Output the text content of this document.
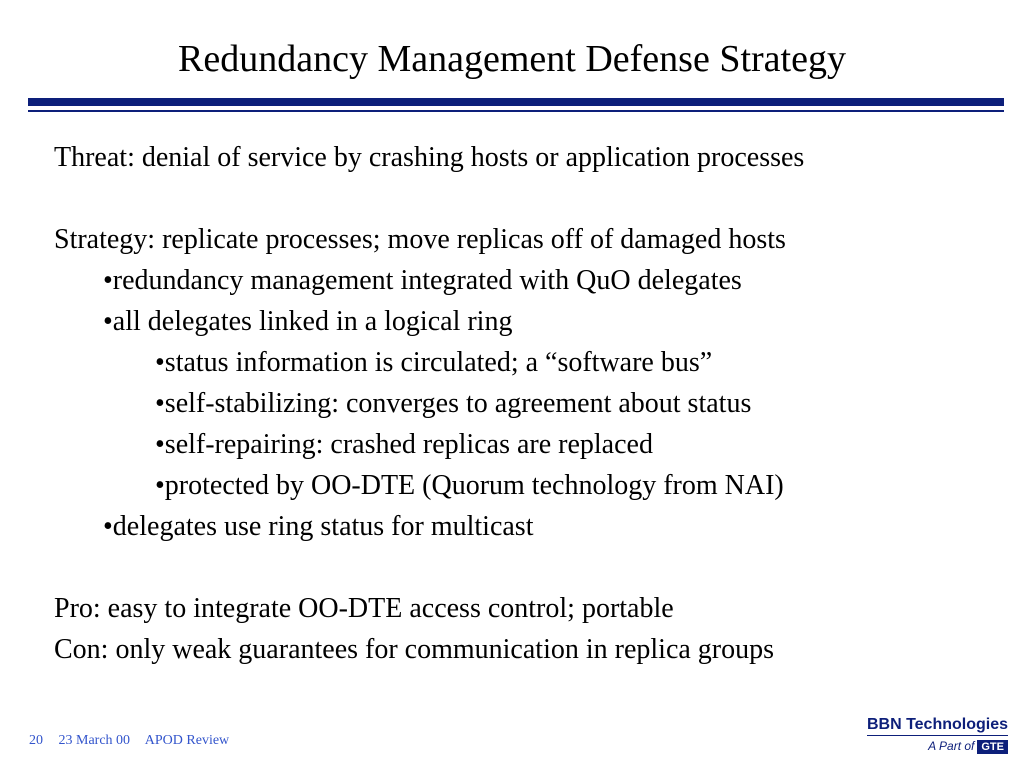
Redundancy Management Defense Strategy
Threat: denial of service by crashing hosts or application processes
Strategy: replicate processes; move replicas off of damaged hosts
•redundancy management integrated with QuO delegates
•all delegates linked in a logical ring
•status information is circulated; a “software bus”
•self-stabilizing: converges to agreement about status
•self-repairing: crashed replicas are replaced
•protected by OO-DTE (Quorum technology from NAI)
•delegates use ring status for multicast
Pro: easy to integrate OO-DTE access control; portable
Con: only weak guarantees for communication in replica groups
20 23 March 00 APOD Review
BBN Technologies
A Part of GTE
